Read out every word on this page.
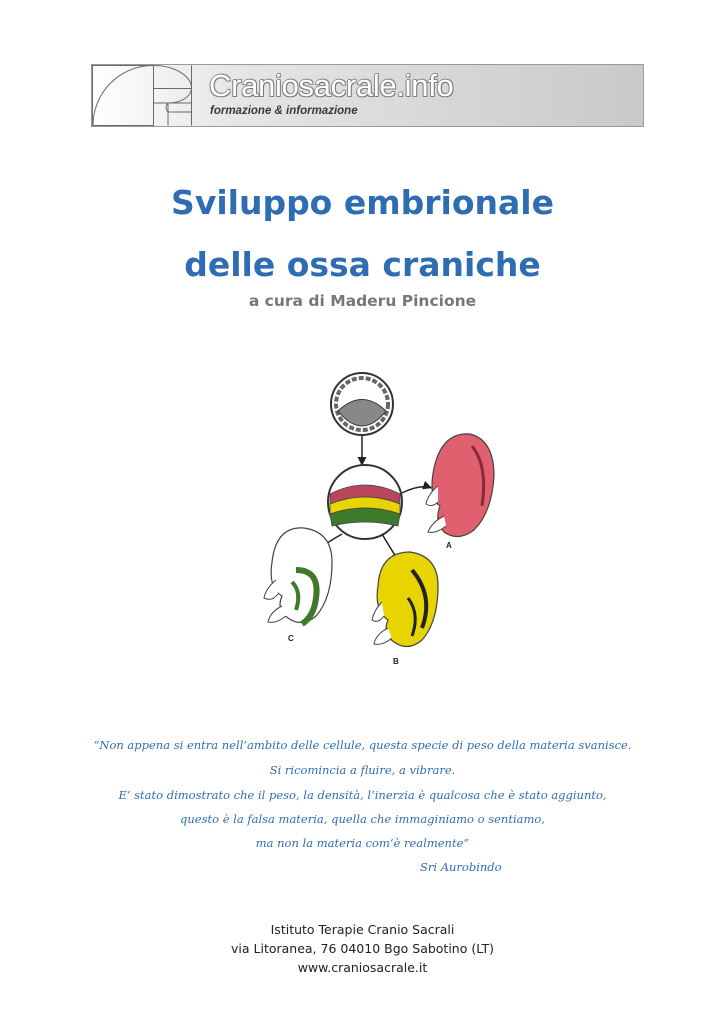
Craniosacrale.info
formazione & informazione
Sviluppo embrionale
delle ossa craniche
a cura di Maderu Pincione
A
B
C
“Non appena si entra nell’ambito delle cellule, questa specie di peso della materia svanisce.
Si ricomincia a fluire, a vibrare.
E’ stato dimostrato che il peso, la densità, l’inerzia è qualcosa che è stato aggiunto,
questo è la falsa materia, quella che immaginiamo o sentiamo,
ma non la materia com’è realmente”
Sri Aurobindo
Istituto Terapie Cranio Sacrali
via Litoranea, 76 04010 Bgo Sabotino (LT)
www.craniosacrale.it
